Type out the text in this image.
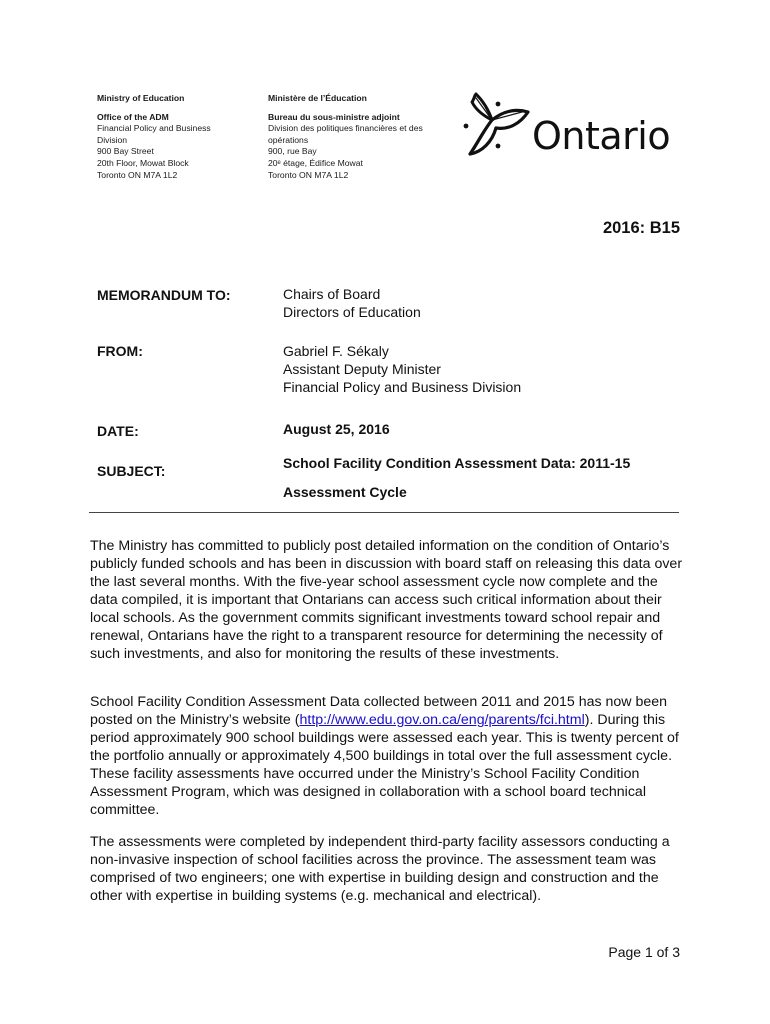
Ministry of Education
Office of the ADM
Financial Policy and Business
Division
900 Bay Street
20th Floor, Mowat Block
Toronto ON M7A 1L2
Ministère de l’Éducation
Bureau du sous-ministre adjoint
Division des politiques financières et des
opérations
900, rue Bay
20ᵉ étage, Édifice Mowat
Toronto ON M7A 1L2
Ontario
2016: B15
MEMORANDUM TO:	Chairs of Board
Directors of Education
FROM:	Gabriel F. Sékaly
Assistant Deputy Minister
Financial Policy and Business Division
DATE:	August 25, 2016
SUBJECT:	School Facility Condition Assessment Data: 2011-15
Assessment Cycle

The Ministry has committed to publicly post detailed information on the condition of Ontario’s publicly funded schools and has been in discussion with board staff on releasing this data over the last several months. With the five-year school assessment cycle now complete and the data compiled, it is important that Ontarians can access such critical information about their local schools. As the government commits significant investments toward school repair and renewal, Ontarians have the right to a transparent resource for determining the necessity of such investments, and also for monitoring the results of these investments.

School Facility Condition Assessment Data collected between 2011 and 2015 has now been posted on the Ministry’s website (http://www.edu.gov.on.ca/eng/parents/fci.html). During this period approximately 900 school buildings were assessed each year. This is twenty percent of the portfolio annually or approximately 4,500 buildings in total over the full assessment cycle. These facility assessments have occurred under the Ministry’s School Facility Condition Assessment Program, which was designed in collaboration with a school board technical committee.

The assessments were completed by independent third-party facility assessors conducting a non-invasive inspection of school facilities across the province. The assessment team was comprised of two engineers; one with expertise in building design and construction and the other with expertise in building systems (e.g. mechanical and electrical).

Page 1 of 3
